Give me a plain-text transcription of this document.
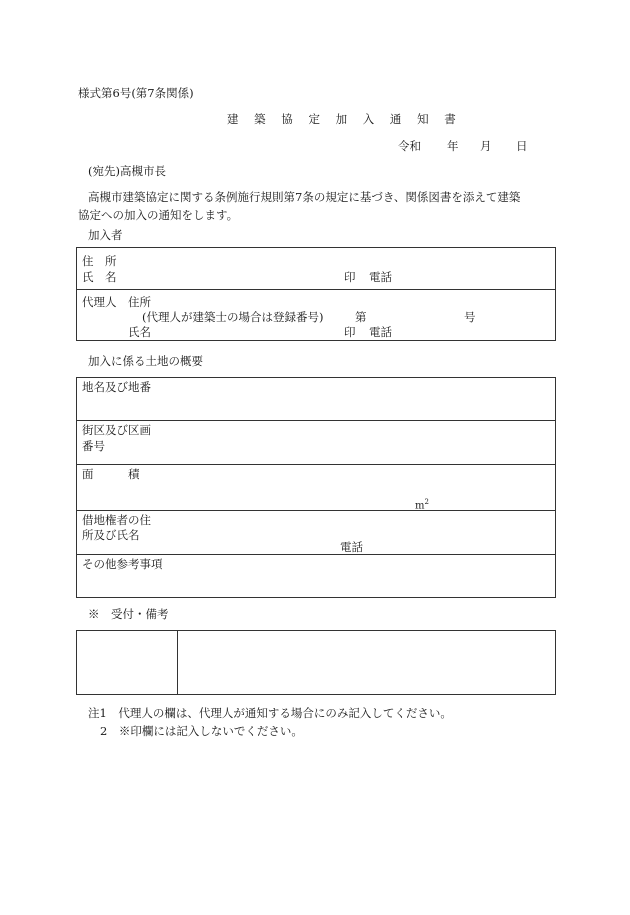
様式第6号(第7条関係)
建 築 協 定 加 入 通 知 書
令和 年 月 日
(宛先)高槻市長
高槻市建築協定に関する条例施行規則第7条の規定に基づき、関係図書を添えて建築
協定への加入の通知をします。
加入者
住　所
氏　名	印 電話
代理人 住所
(代理人が建築士の場合は登録番号)	第	号
氏名	印 電話
加入に係る土地の概要
地名及び地番
街区及び区画
番号
面　　　積
$m^2$
借地権者の住
所及び氏名
電話
その他参考事項
※　受付・備考
注1　代理人の欄は、代理人が通知する場合にのみ記入してください。
2　※印欄には記入しないでください。
